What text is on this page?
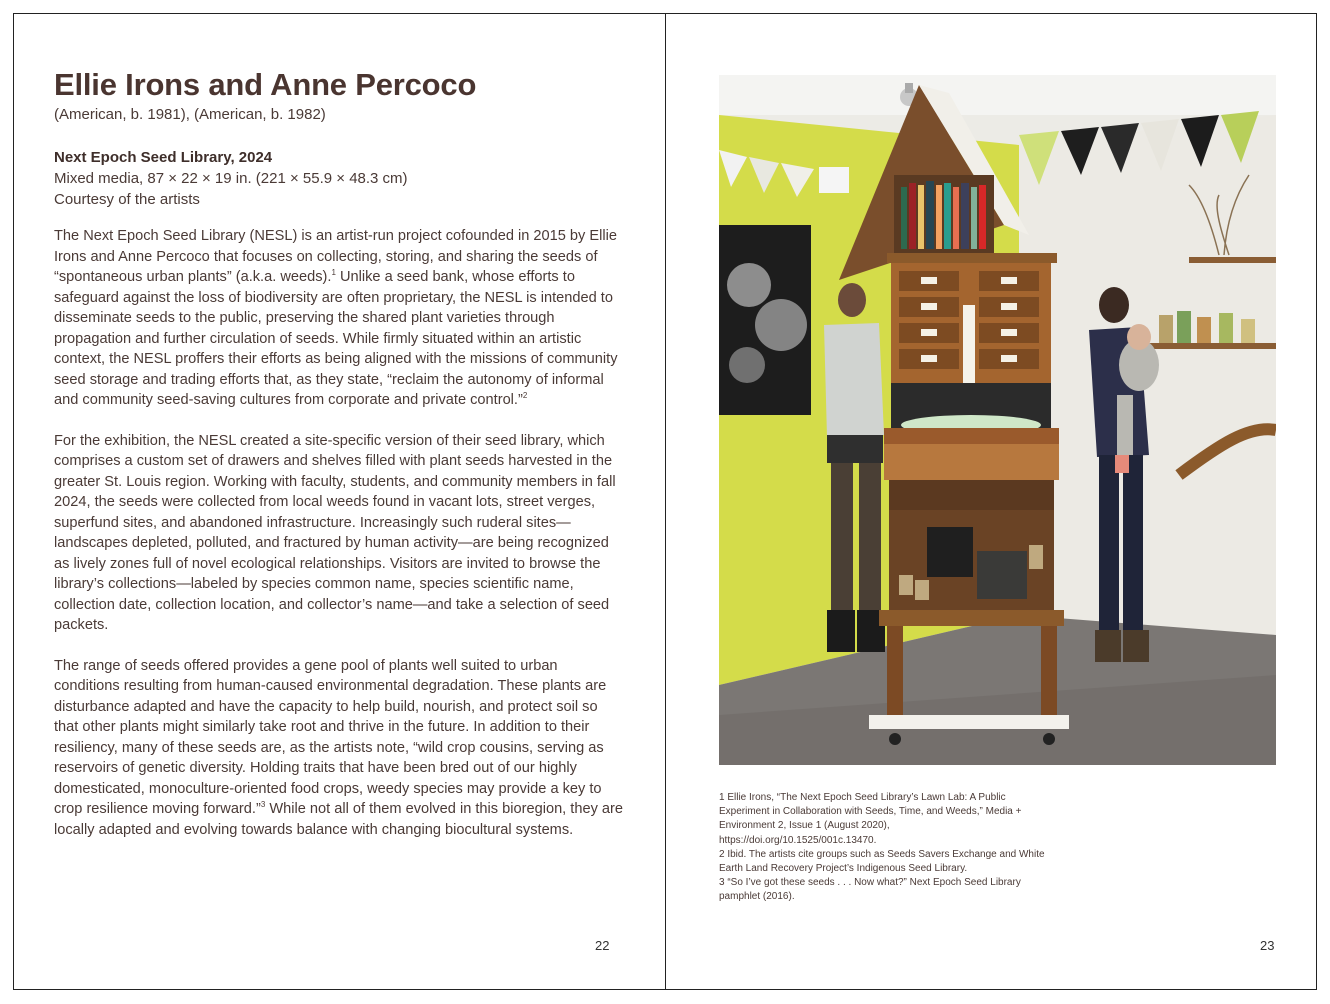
Ellie Irons and Anne Percoco
(American, b. 1981), (American, b. 1982)
Next Epoch Seed Library, 2024
Mixed media, 87 × 22 × 19 in. (221 × 55.9 × 48.3 cm)
Courtesy of the artists

The Next Epoch Seed Library (NESL) is an artist-run project cofounded in 2015 by Ellie Irons and Anne Percoco that focuses on collecting, storing, and sharing the seeds of “spontaneous urban plants” (a.k.a. weeds).$^1$ Unlike a seed bank, whose efforts to safeguard against the loss of biodiversity are often proprietary, the NESL is intended to disseminate seeds to the public, preserving the shared plant varieties through propagation and further circulation of seeds. While firmly situated within an artistic context, the NESL proffers their efforts as being aligned with the missions of community seed storage and trading efforts that, as they state, “reclaim the autonomy of informal and community seed-saving cultures from corporate and private control.”$^2$

For the exhibition, the NESL created a site-specific version of their seed library, which comprises a custom set of drawers and shelves filled with plant seeds harvested in the greater St. Louis region. Working with faculty, students, and community members in fall 2024, the seeds were collected from local weeds found in vacant lots, street verges, superfund sites, and abandoned infrastructure. Increasingly such ruderal sites—landscapes depleted, polluted, and fractured by human activity—are being recognized as lively zones full of novel ecological relationships. Visitors are invited to browse the library’s collections—labeled by species common name, species scientific name, collection date, collection location, and collector’s name—and take a selection of seed packets.

The range of seeds offered provides a gene pool of plants well suited to urban conditions resulting from human-caused environmental degradation. These plants are disturbance adapted and have the capacity to help build, nourish, and protect soil so that other plants might similarly take root and thrive in the future. In addition to their resiliency, many of these seeds are, as the artists note, “wild crop cousins, serving as reservoirs of genetic diversity. Holding traits that have been bred out of our highly domesticated, monoculture-oriented food crops, weedy species may provide a key to crop resilience moving forward.”$^3$ While not all of them evolved in this bioregion, they are locally adapted and evolving towards balance with changing biocultural systems.

22

1 Ellie Irons, “The Next Epoch Seed Library’s Lawn Lab: A Public Experiment in Collaboration with Seeds, Time, and Weeds,” Media + Environment 2, Issue 1 (August 2020), https://doi.org/10.1525/001c.13470.

2 Ibid. The artists cite groups such as Seeds Savers Exchange and White Earth Land Recovery Project’s Indigenous Seed Library.

3 “So I’ve got these seeds . . . Now what?” Next Epoch Seed Library pamphlet (2016).

23
